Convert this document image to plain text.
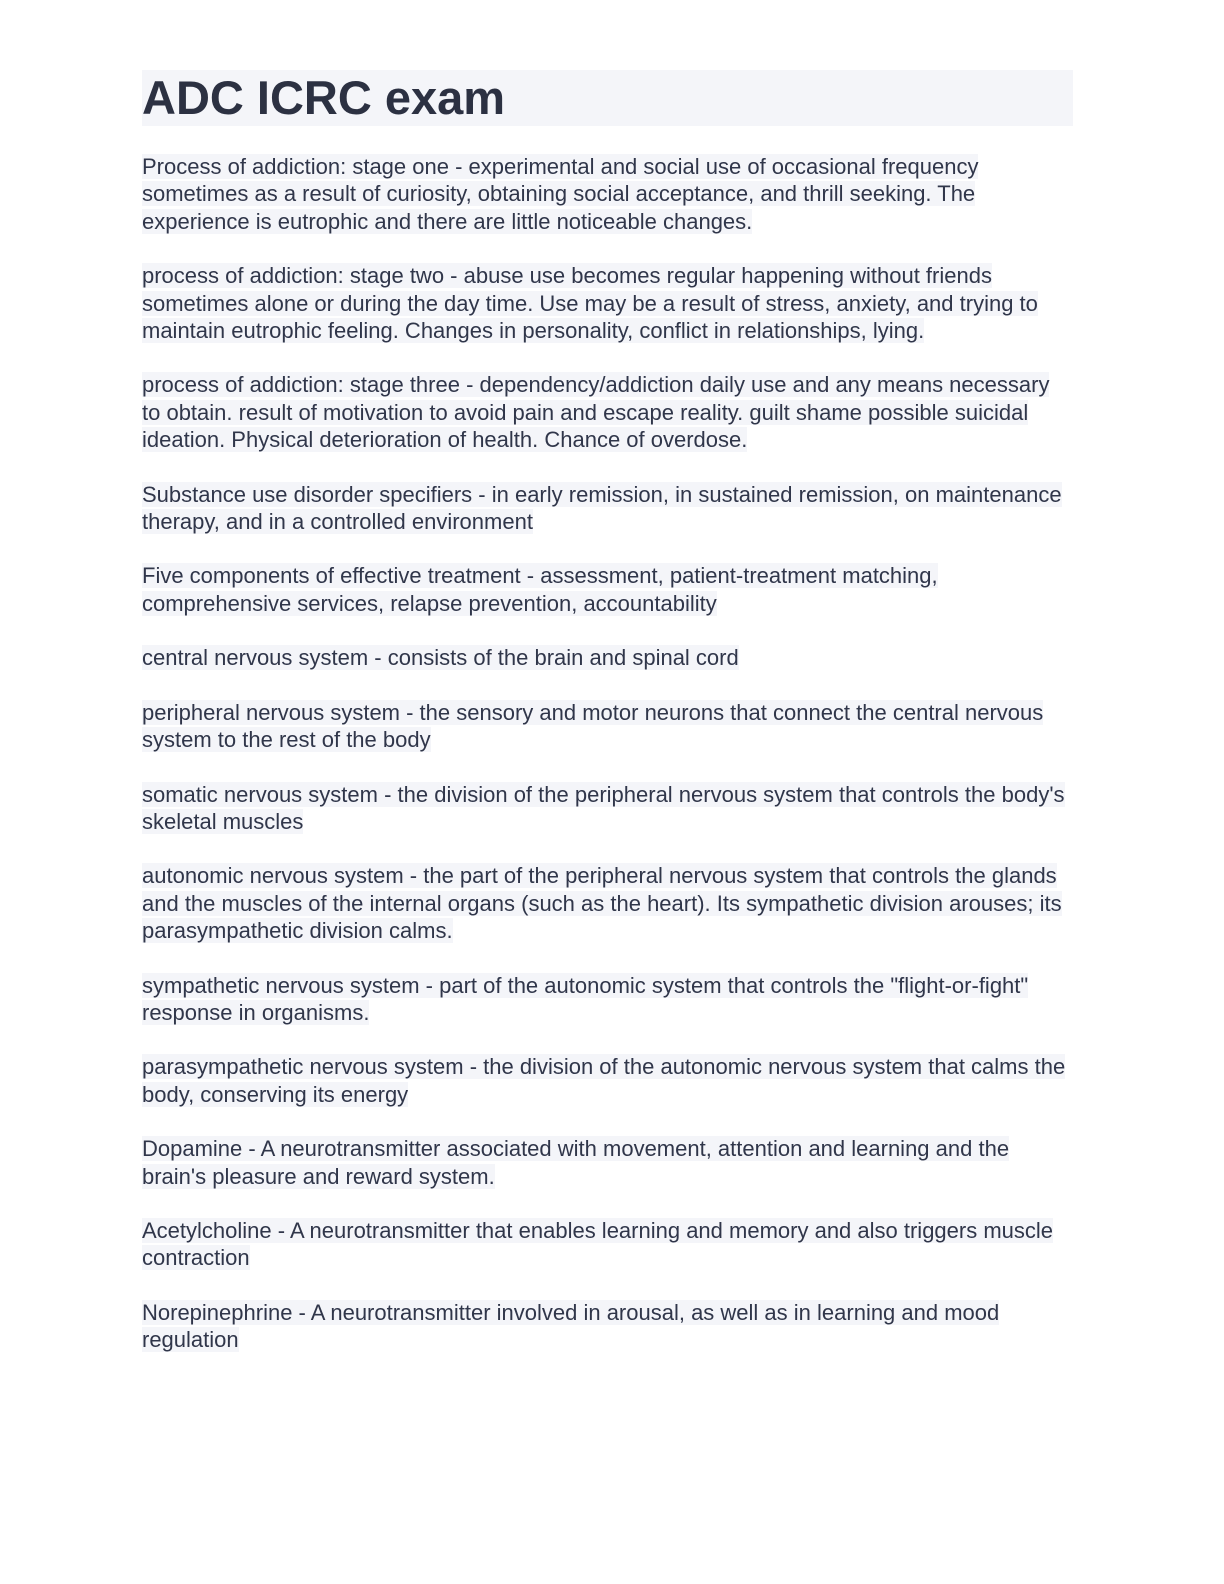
ADC ICRC exam

Process of addiction: stage one - experimental and social use of occasional frequency sometimes as a result of curiosity, obtaining social acceptance, and thrill seeking. The experience is eutrophic and there are little noticeable changes.

process of addiction: stage two - abuse use becomes regular happening without friends sometimes alone or during the day time. Use may be a result of stress, anxiety, and trying to maintain eutrophic feeling. Changes in personality, conflict in relationships, lying.

process of addiction: stage three - dependency/addiction daily use and any means necessary to obtain. result of motivation to avoid pain and escape reality. guilt shame possible suicidal ideation. Physical deterioration of health. Chance of overdose.

Substance use disorder specifiers - in early remission, in sustained remission, on maintenance therapy, and in a controlled environment

Five components of effective treatment - assessment, patient-treatment matching, comprehensive services, relapse prevention, accountability

central nervous system - consists of the brain and spinal cord

peripheral nervous system - the sensory and motor neurons that connect the central nervous system to the rest of the body

somatic nervous system - the division of the peripheral nervous system that controls the body's skeletal muscles

autonomic nervous system - the part of the peripheral nervous system that controls the glands and the muscles of the internal organs (such as the heart). Its sympathetic division arouses; its parasympathetic division calms.

sympathetic nervous system - part of the autonomic system that controls the "flight-or-fight" response in organisms.

parasympathetic nervous system - the division of the autonomic nervous system that calms the body, conserving its energy

Dopamine - A neurotransmitter associated with movement, attention and learning and the brain's pleasure and reward system.

Acetylcholine - A neurotransmitter that enables learning and memory and also triggers muscle contraction

Norepinephrine - A neurotransmitter involved in arousal, as well as in learning and mood regulation
